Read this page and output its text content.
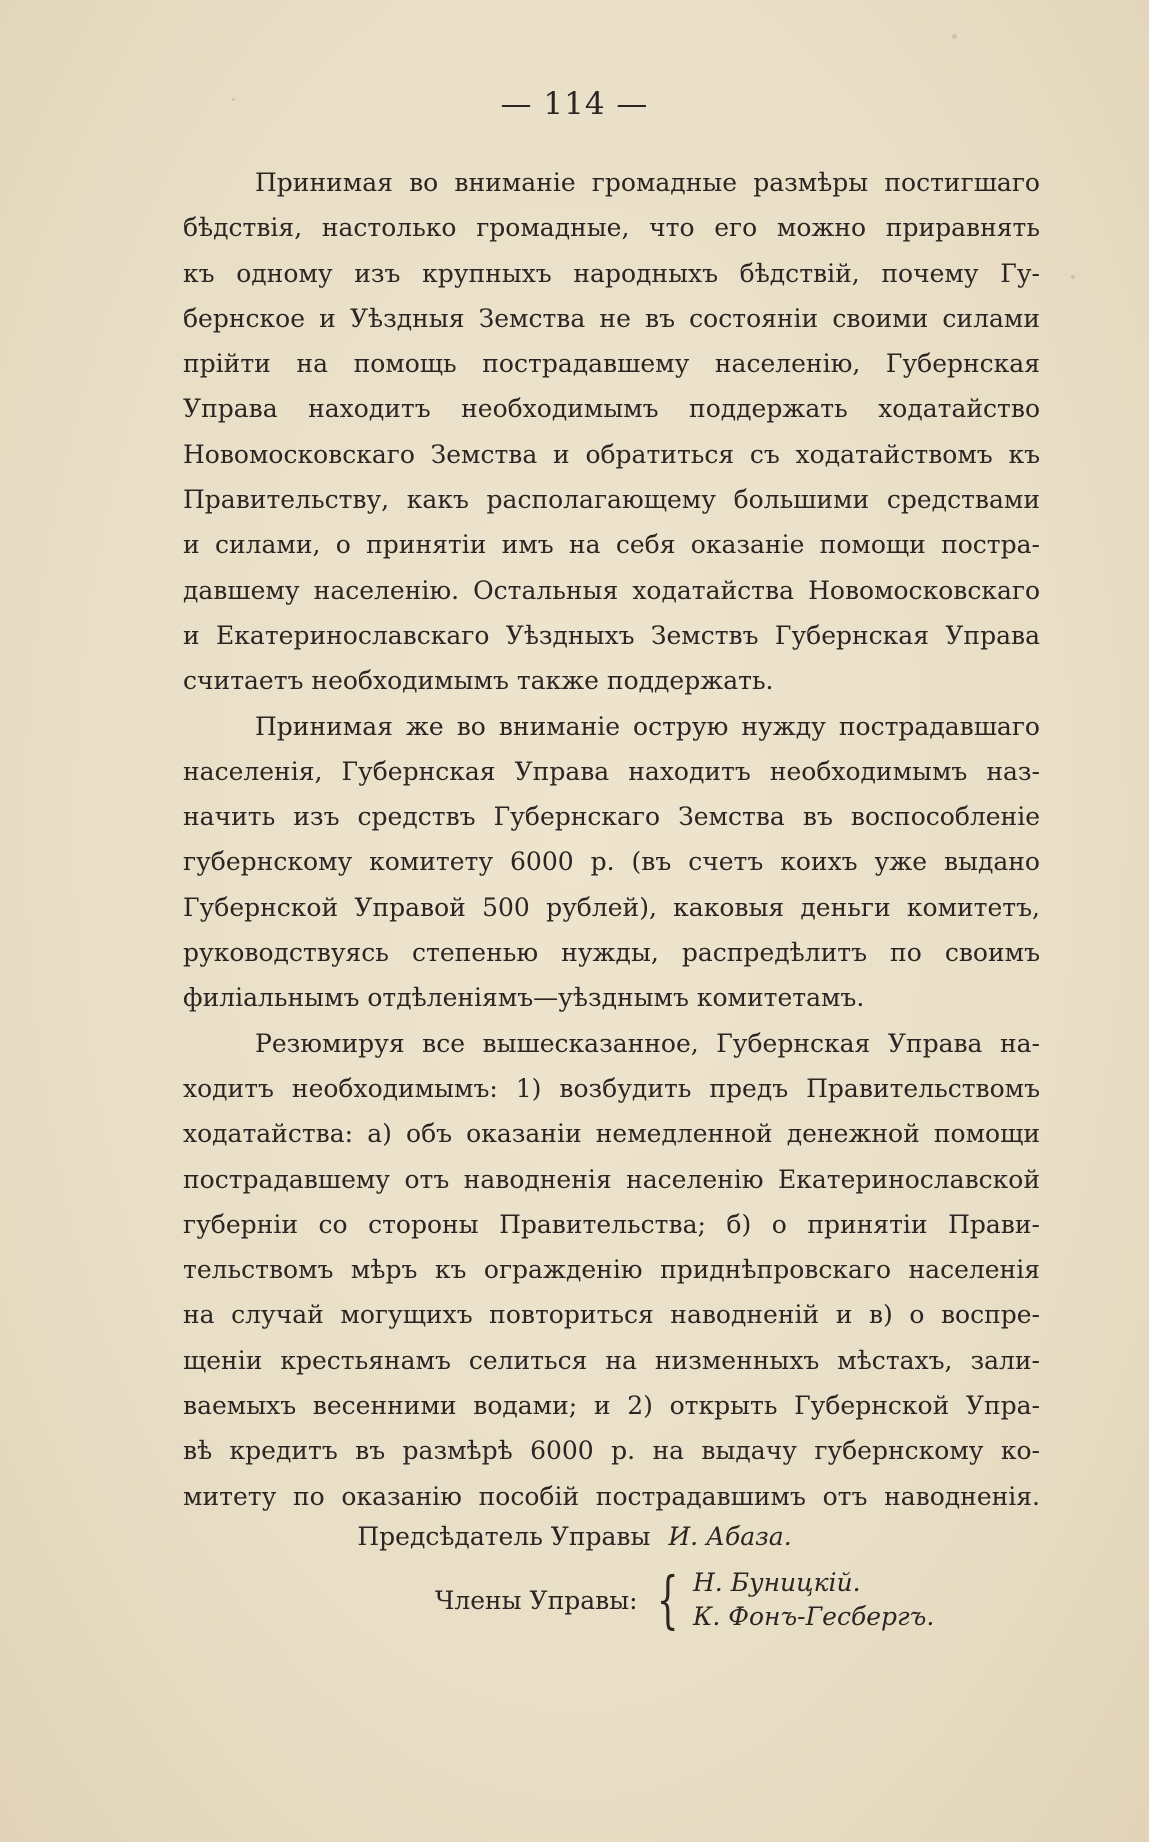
— 114 —
Принимая во вниманіе громадные размѣры постигшаго
бѣдствія, настолько громадные, что его можно приравнять
къ одному изъ крупныхъ народныхъ бѣдствій, почему Гу-
бернское и Уѣздныя Земства не въ состояніи своими силами
прійти на помощь пострадавшему населенію, Губернская
Управа находитъ необходимымъ поддержать ходатайство
Новомосковскаго Земства и обратиться съ ходатайствомъ къ
Правительству, какъ располагающему большими средствами
и силами, о принятіи имъ на себя оказаніе помощи постра-
давшему населенію. Остальныя ходатайства Новомосковскаго
и Екатеринославскаго Уѣздныхъ Земствъ Губернская Управа
считаетъ необходимымъ также поддержать.
Принимая же во вниманіе острую нужду пострадавшаго
населенія, Губернская Управа находитъ необходимымъ наз-
начить изъ средствъ Губернскаго Земства въ воспособленіе
губернскому комитету 6000 р. (въ счетъ коихъ уже выдано
Губернской Управой 500 рублей), каковыя деньги комитетъ,
руководствуясь степенью нужды, распредѣлитъ по своимъ
филіальнымъ отдѣленіямъ—уѣзднымъ комитетамъ.
Резюмируя все вышесказанное, Губернская Управа на-
ходитъ необходимымъ: 1) возбудить предъ Правительствомъ
ходатайства: а) объ оказаніи немедленной денежной помощи
пострадавшему отъ наводненія населенію Екатеринославской
губерніи со стороны Правительства; б) о принятіи Прави-
тельствомъ мѣръ къ огражденію приднѣпровскаго населенія
на случай могущихъ повториться наводненій и в) о воспре-
щеніи крестьянамъ селиться на низменныхъ мѣстахъ, зали-
ваемыхъ весенними водами; и 2) открыть Губернской Упра-
вѣ кредитъ въ размѣрѣ 6000 р. на выдачу губернскому ко-
митету по оказанію пособій пострадавшимъ отъ наводненія.
Предсѣдатель Управы И. Абаза.
Члены Управы: { Н. Буницкій.
К. Фонъ-Гесбергъ.
